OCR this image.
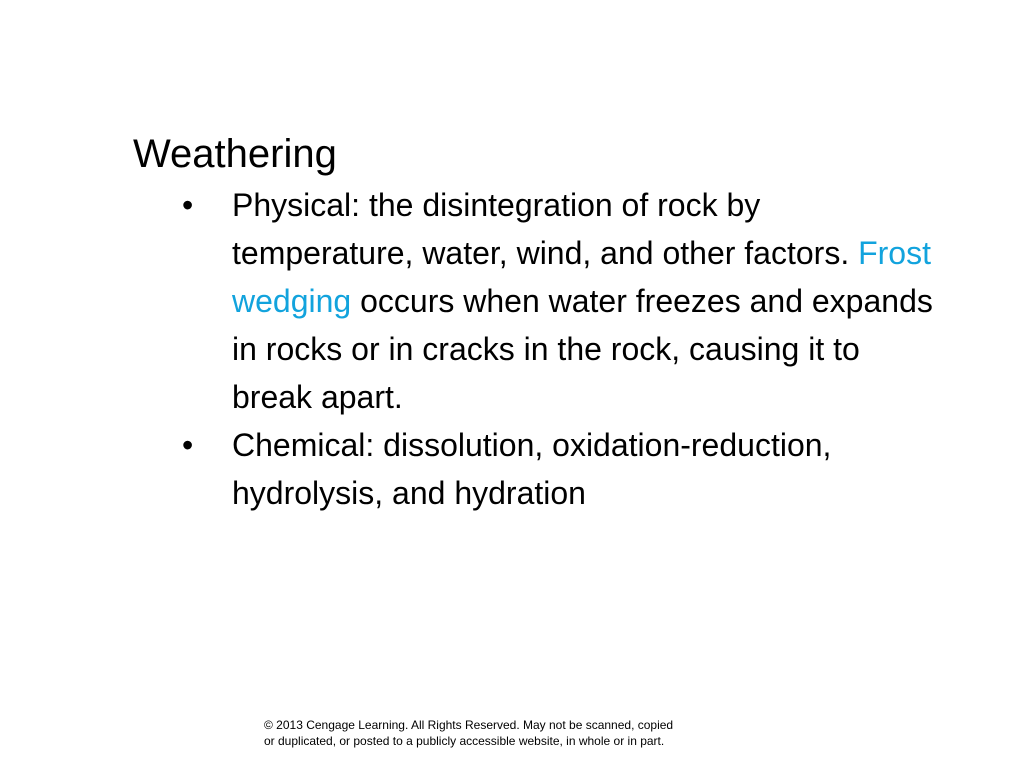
Weathering
• Physical: the disintegration of rock by temperature, water, wind, and other factors. Frost wedging occurs when water freezes and expands in rocks or in cracks in the rock, causing it to break apart.
• Chemical: dissolution, oxidation-reduction, hydrolysis, and hydration
© 2013 Cengage Learning. All Rights Reserved. May not be scanned, copied
or duplicated, or posted to a publicly accessible website, in whole or in part.
